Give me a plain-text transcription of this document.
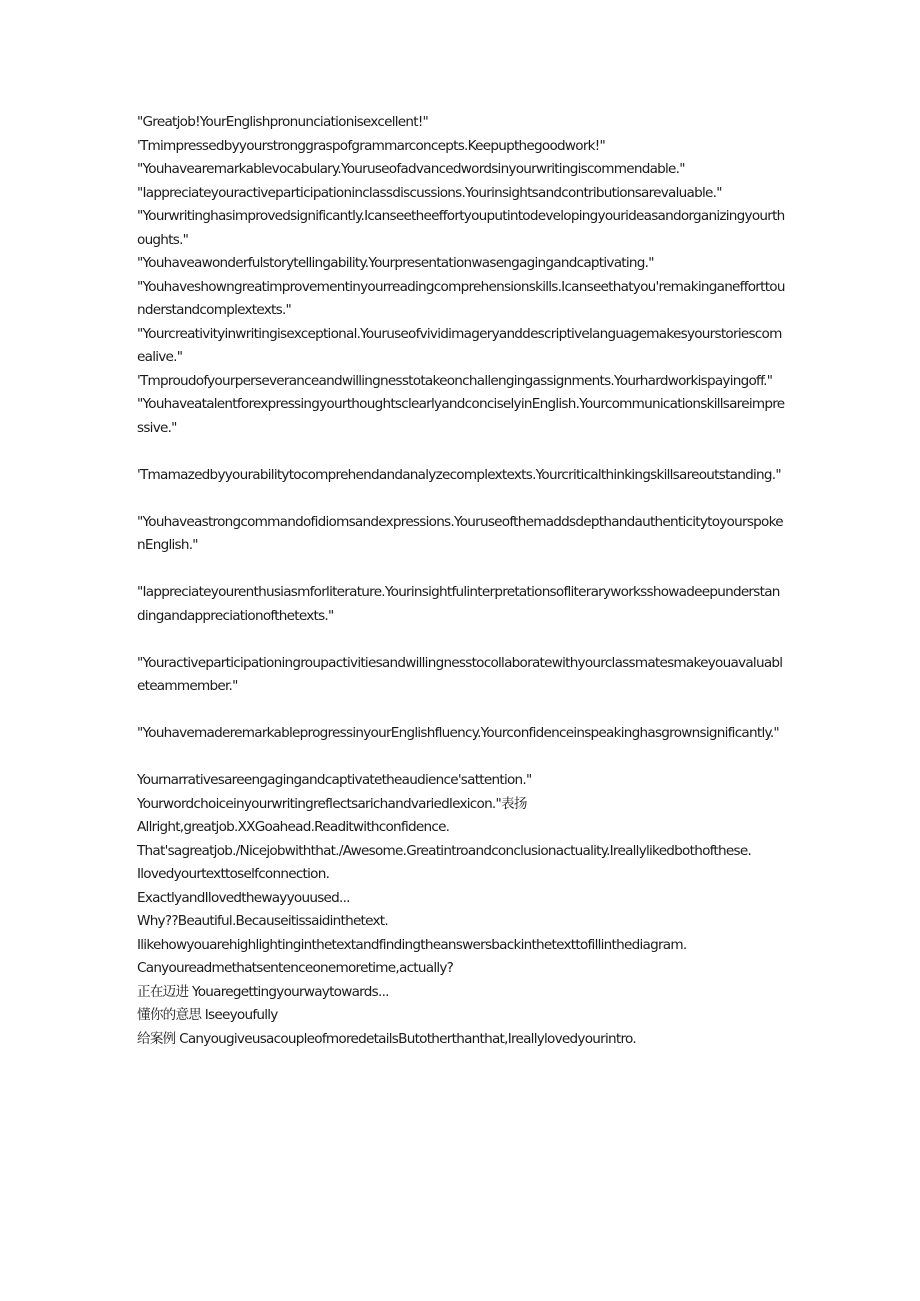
"Greatjob!YourEnglishpronunciationisexcellent!"
'Tmimpressedbyyourstronggraspofgrammarconcepts.Keepupthegoodwork!"
"Youhavearemarkablevocabulary.Youruseofadvancedwordsinyourwritingiscommendable."
"Iappreciateyouractiveparticipationinclassdiscussions.Yourinsightsandcontributionsarevaluable."
"Yourwritinghasimprovedsignificantly.Icanseetheeffortyouputintodevelopingyourideasandorganizingyourthoughts."
"Youhaveawonderfulstorytellingability.Yourpresentationwasengagingandcaptivating."
"Youhaveshowngreatimprovementinyourreadingcomprehensionskills.Icanseethatyou'remakinganefforttounderstandcomplextexts."
"Yourcreativityinwritingisexceptional.Youruseofvividimageryanddescriptivelanguagemakesyourstoriescomealive."
'Tmproudofyourperseveranceandwillingnesstotakeonchallengingassignments.Yourhardworkispayingoff."
"YouhaveatalentforexpressingyourthoughtsclearlyandconciselyinEnglish.Yourcommunicationskillsareimpressive."
'Tmamazedbyyourabilitytocomprehendandanalyzecomplextexts.Yourcriticalthinkingskillsareoutstanding."
"Youhaveastrongcommandofidiomsandexpressions.YouruseofthemaddsdepthandauthenticitytoyourspokenEnglish."
"Iappreciateyourenthusiasmforliterature.Yourinsightfulinterpretationsofliteraryworksshowadeepunderstandingandappreciationofthetexts."
"Youractiveparticipationingroupactivitiesandwillingnesstocollaboratewithyourclassmatesmakeyouavaluableteammember."
"YouhavemaderemarkableprogressinyourEnglishfluency.Yourconfidenceinspeakinghasgrownsignificantly."
Yournarrativesareengagingandcaptivatetheaudience'sattention."
Yourwordchoiceinyourwritingreflectsarichandvariedlexicon."表扬
Allright,greatjob.XXGoahead.Readitwithconfidence.
That'sagreatjob./Nicejobwiththat./Awesome.Greatintroandconclusionactuality.Ireallylikedbothofthese.
Ilovedyourtexttoselfconnection.
ExactlyandIlovedthewayyouused...
Why??Beautiful.Becauseitissaidinthetext.
Ilikehowyouarehighlightinginthetextandfindingtheanswersbackinthetexttofillinthediagram.
Canyoureadmethatsentenceonemoretime,actually?
正在迈进 Youaregettingyourwaytowards...
懂你的意思 Iseeyoufully
给案例 CanyougiveusacoupleofmoredetailsButotherthanthat,Ireallylovedyourintro.
